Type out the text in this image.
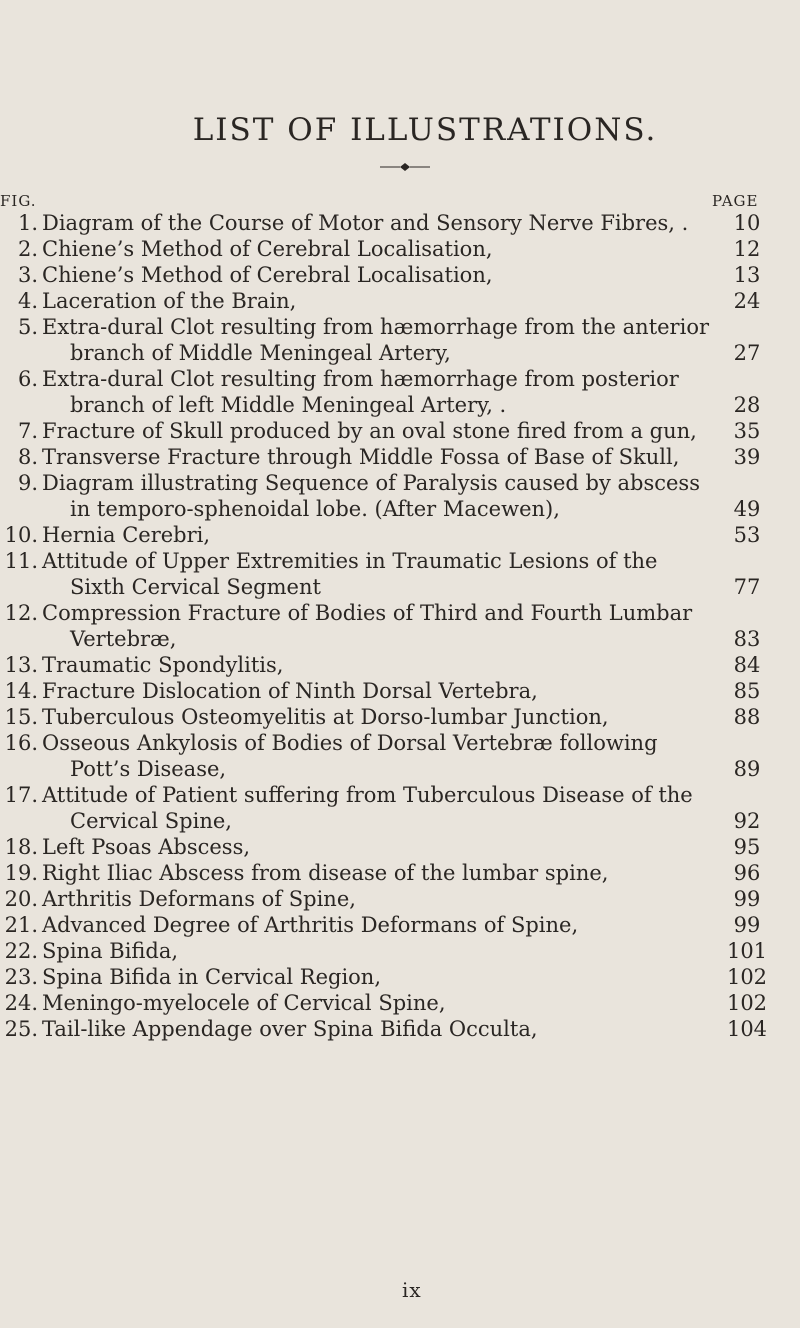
LIST OF ILLUSTRATIONS.
FIG.	PAGE
1. Diagram of the Course of Motor and Sensory Nerve Fibres, .	10
2. Chiene’s Method of Cerebral Localisation,	12
3. Chiene’s Method of Cerebral Localisation,	13
4. Laceration of the Brain,	24
5. Extra-dural Clot resulting from hæmorrhage from the anterior
branch of Middle Meningeal Artery,	27
6. Extra-dural Clot resulting from hæmorrhage from posterior
branch of left Middle Meningeal Artery, .	28
7. Fracture of Skull produced by an oval stone fired from a gun,	35
8. Transverse Fracture through Middle Fossa of Base of Skull,	39
9. Diagram illustrating Sequence of Paralysis caused by abscess
in temporo-sphenoidal lobe. (After Macewen),	49
10. Hernia Cerebri,	53
11. Attitude of Upper Extremities in Traumatic Lesions of the
Sixth Cervical Segment	77
12. Compression Fracture of Bodies of Third and Fourth Lumbar
Vertebræ,	83
13. Traumatic Spondylitis,	84
14. Fracture Dislocation of Ninth Dorsal Vertebra,	85
15. Tuberculous Osteomyelitis at Dorso-lumbar Junction,	88
16. Osseous Ankylosis of Bodies of Dorsal Vertebræ following
Pott’s Disease,	89
17. Attitude of Patient suffering from Tuberculous Disease of the
Cervical Spine,	92
18. Left Psoas Abscess,	95
19. Right Iliac Abscess from disease of the lumbar spine,	96
20. Arthritis Deformans of Spine,	99
21. Advanced Degree of Arthritis Deformans of Spine,	99
22. Spina Bifida,	101
23. Spina Bifida in Cervical Region,	102
24. Meningo-myelocele of Cervical Spine,	102
25. Tail-like Appendage over Spina Bifida Occulta,	104
ix
